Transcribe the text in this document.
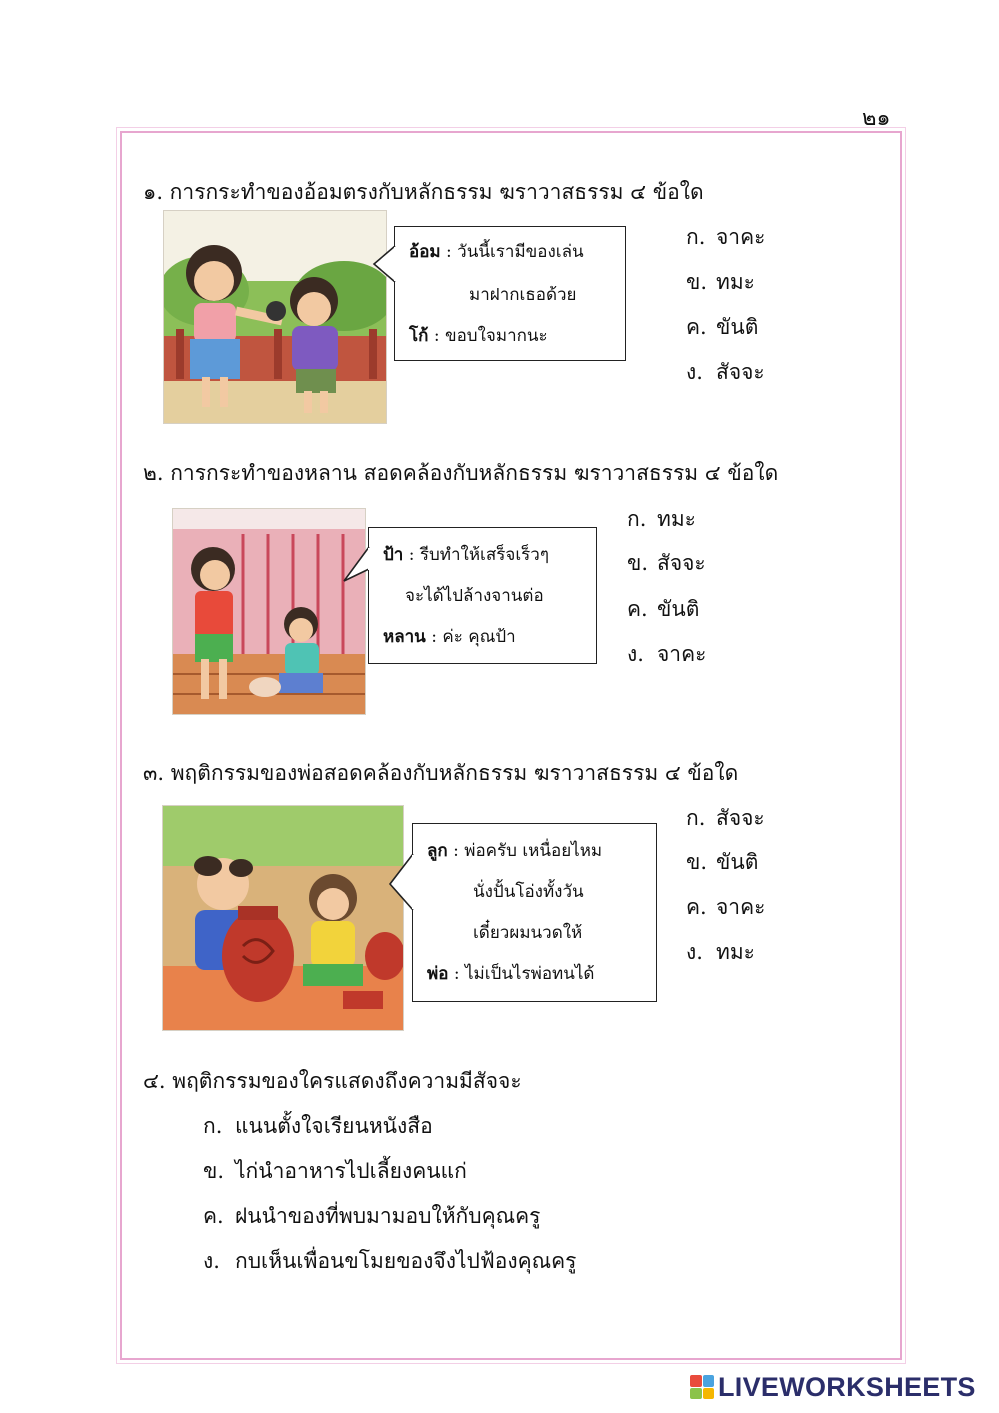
๒๑
๑. การกระทำของอ้อมตรงกับหลักธรรม ฆราวาสธรรม ๔ ข้อใด
อ้อม : วันนี้เรามีของเล่น
มาฝากเธอด้วย
โก้ : ขอบใจมากนะ
ก. จาคะ
ข. ทมะ
ค. ขันติ
ง. สัจจะ
๒. การกระทำของหลาน สอดคล้องกับหลักธรรม ฆราวาสธรรม ๔ ข้อใด
ป้า : รีบทำให้เสร็จเร็วๆ
จะได้ไปล้างจานต่อ
หลาน : ค่ะ คุณป้า
ก. ทมะ
ข. สัจจะ
ค. ขันติ
ง. จาคะ
๓. พฤติกรรมของพ่อสอดคล้องกับหลักธรรม ฆราวาสธรรม ๔ ข้อใด
ลูก : พ่อครับ เหนื่อยไหม
นั่งปั้นโอ่งทั้งวัน
เดี๋ยวผมนวดให้
พ่อ : ไม่เป็นไรพ่อทนได้
ก. สัจจะ
ข. ขันติ
ค. จาคะ
ง. ทมะ
๔. พฤติกรรมของใครแสดงถึงความมีสัจจะ
ก. แนนตั้งใจเรียนหนังสือ
ข. ไก่นำอาหารไปเลี้ยงคนแก่
ค. ฝนนำของที่พบมามอบให้กับคุณครู
ง. กบเห็นเพื่อนขโมยของจึงไปฟ้องคุณครู
LIVEWORKSHEETS
